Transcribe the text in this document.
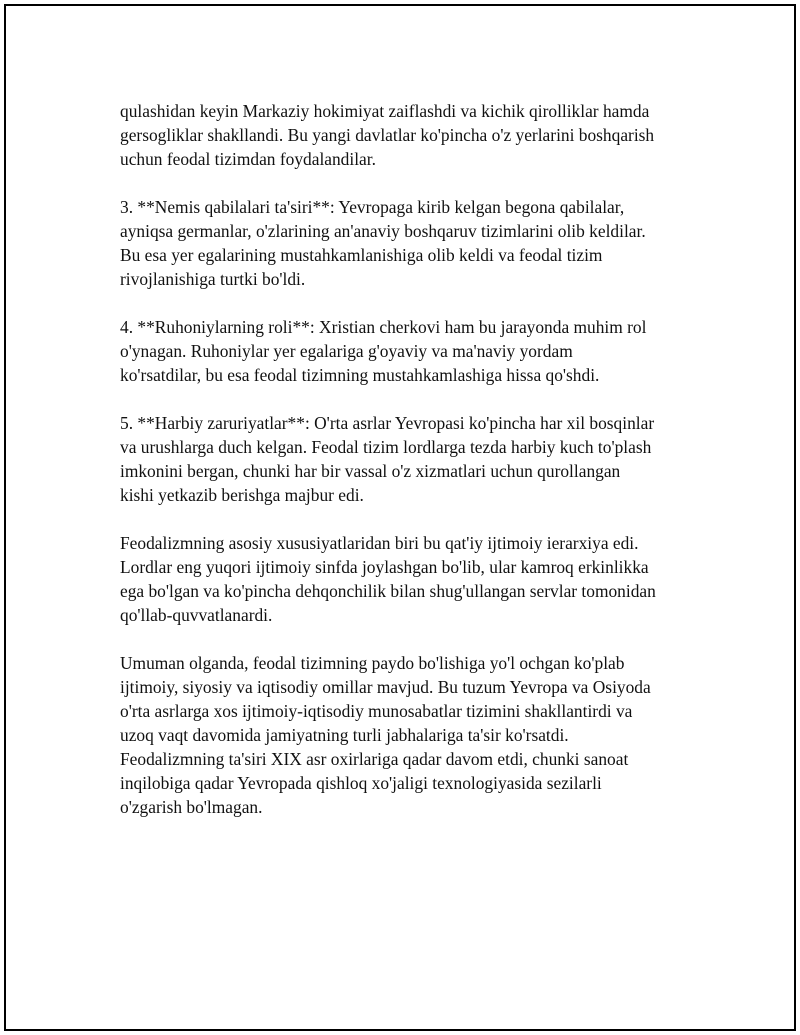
qulashidan keyin Markaziy hokimiyat zaiflashdi va kichik qirolliklar hamda
gersogliklar shakllandi. Bu yangi davlatlar ko'pincha o'z yerlarini boshqarish
uchun feodal tizimdan foydalandilar.

3. **Nemis qabilalari ta'siri**: Yevropaga kirib kelgan begona qabilalar,
ayniqsa germanlar, o'zlarining an'anaviy boshqaruv tizimlarini olib keldilar.
Bu esa yer egalarining mustahkamlanishiga olib keldi va feodal tizim
rivojlanishiga turtki bo'ldi.

4. **Ruhoniylarning roli**: Xristian cherkovi ham bu jarayonda muhim rol
o'ynagan. Ruhoniylar yer egalariga g'oyaviy va ma'naviy yordam
ko'rsatdilar, bu esa feodal tizimning mustahkamlashiga hissa qo'shdi.

5. **Harbiy zaruriyatlar**: O'rta asrlar Yevropasi ko'pincha har xil bosqinlar
va urushlarga duch kelgan. Feodal tizim lordlarga tezda harbiy kuch to'plash
imkonini bergan, chunki har bir vassal o'z xizmatlari uchun qurollangan
kishi yetkazib berishga majbur edi.

Feodalizmning asosiy xususiyatlaridan biri bu qat'iy ijtimoiy ierarxiya edi.
Lordlar eng yuqori ijtimoiy sinfda joylashgan bo'lib, ular kamroq erkinlikka
ega bo'lgan va ko'pincha dehqonchilik bilan shug'ullangan servlar tomonidan
qo'llab-quvvatlanardi.

Umuman olganda, feodal tizimning paydo bo'lishiga yo'l ochgan ko'plab
ijtimoiy, siyosiy va iqtisodiy omillar mavjud. Bu tuzum Yevropa va Osiyoda
o'rta asrlarga xos ijtimoiy-iqtisodiy munosabatlar tizimini shakllantirdi va
uzoq vaqt davomida jamiyatning turli jabhalariga ta'sir ko'rsatdi.
Feodalizmning ta'siri XIX asr oxirlariga qadar davom etdi, chunki sanoat
inqilobiga qadar Yevropada qishloq xo'jaligi texnologiyasida sezilarli
o'zgarish bo'lmagan.
